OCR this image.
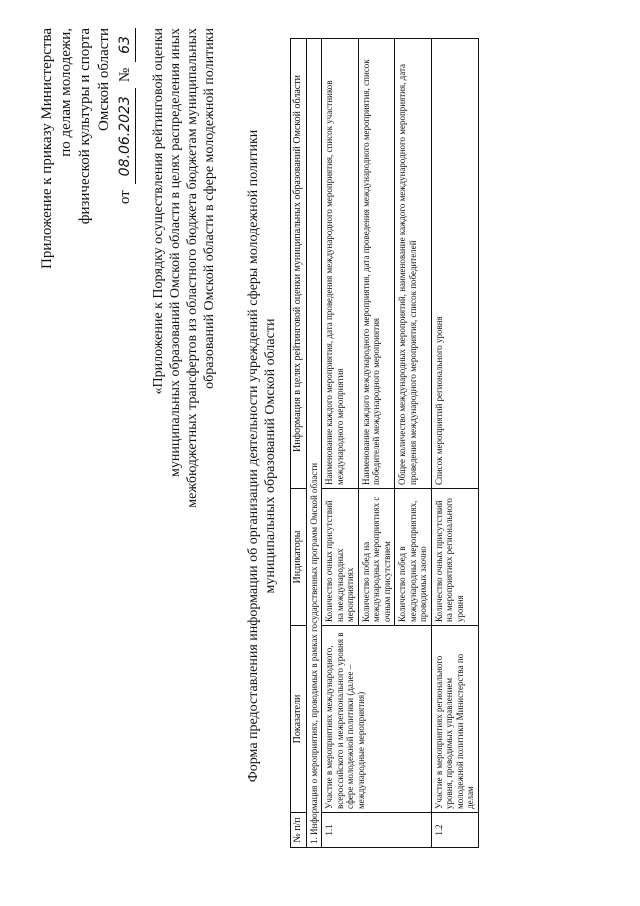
Приложение к приказу Министерства по делам молодежи, физической культуры и спорта Омской области
от
08.06.2023
№
63 «Приложение к Порядку осуществления рейтинговой оценки муниципальных образований Омской области в целях распределения иных межбюджетных трансфертов из областного бюджета бюджетам муниципальных образований Омской области в сфере молодежной политики Форма предоставления информации об организации деятельности учреждений сферы молодежной политики муниципальных образований Омской области
№ п/п	Показатели	Индикаторы	Информация в целях рейтинговой оценки муниципальных образований Омской области
1. Информация о мероприятиях, проводимых в рамках государственных программ Омской области			
1.1	Участие в мероприятиях международного, всероссийского и межрегионального уровня в сфере молодежной политики (далее – международные мероприятия)	Количество очных присутствий на международных мероприятиях	Наименование каждого мероприятия, дата проведения международного мероприятия, список участников международного мероприятия
		Количество побед на международных мероприятиях с очным присутствием	Наименование каждого международного мероприятия, дата проведения международного мероприятия, список победителей международного мероприятия
		Количество побед в международных мероприятиях, проводимых заочно	Общее количество международных мероприятий, наименование каждого международного мероприятия, дата проведения международного мероприятия, список победителей
1.2	Участие в мероприятиях регионального уровня, проводимых управлением молодежной политики Министерства по делам	Количество очных присутствий на мероприятиях регионального уровня	Список мероприятий регионального уровня
